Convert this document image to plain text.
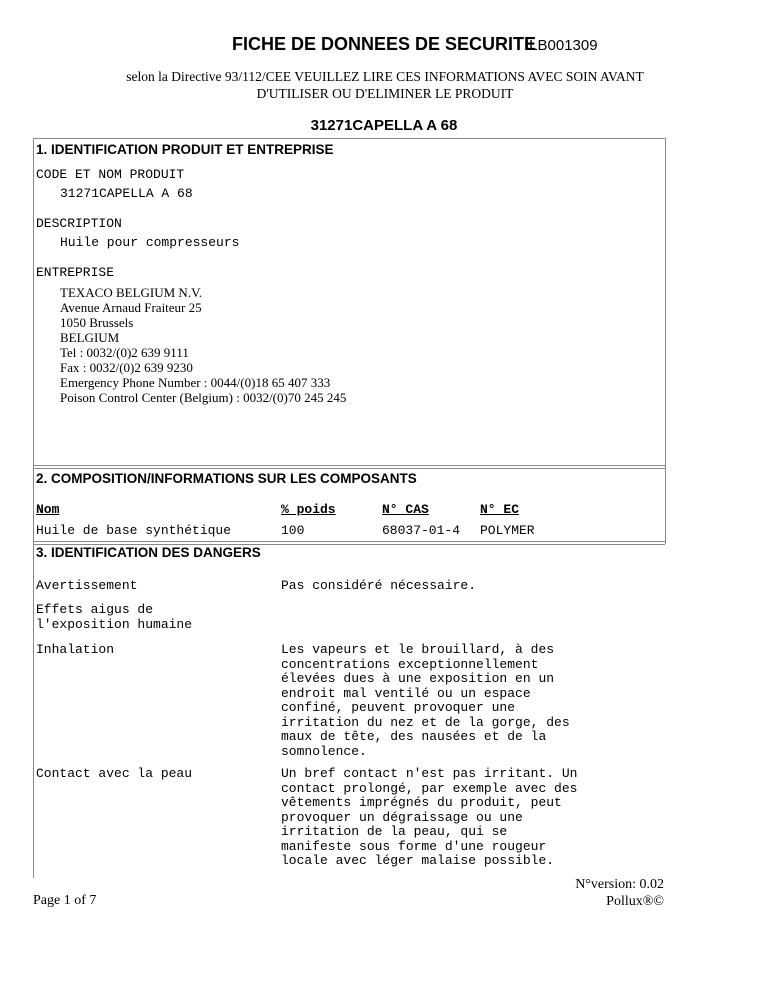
FICHE DE DONNEES DE SECURITE
ILB001309
selon la Directive 93/112/CEE VEUILLEZ LIRE CES INFORMATIONS AVEC SOIN AVANT
D'UTILISER OU D'ELIMINER LE PRODUIT
31271CAPELLA A 68
1. IDENTIFICATION PRODUIT ET ENTREPRISE
CODE ET NOM PRODUIT
31271CAPELLA A 68
DESCRIPTION
Huile pour compresseurs
ENTREPRISE
TEXACO BELGIUM N.V.
Avenue Arnaud Fraiteur 25
1050 Brussels
BELGIUM
Tel : 0032/(0)2 639 9111
Fax : 0032/(0)2 639 9230
Emergency Phone Number : 0044/(0)18 65 407 333
Poison Control Center (Belgium) : 0032/(0)70 245 245
2. COMPOSITION/INFORMATIONS SUR LES COMPOSANTS
Nom	% poids	N° CAS	N° EC
Huile de base synthétique	100	68037-01-4 POLYMER
3. IDENTIFICATION DES DANGERS
Avertissement	Pas considéré nécessaire.
Effets aigus de
l'exposition humaine
Inhalation	Les vapeurs et le brouillard, à des
concentrations exceptionnellement
élevées dues à une exposition en un
endroit mal ventilé ou un espace
confiné, peuvent provoquer une
irritation du nez et de la gorge, des
maux de tête, des nausées et de la
somnolence.
Contact avec la peau	Un bref contact n'est pas irritant. Un
contact prolongé, par exemple avec des
vêtements imprégnés du produit, peut
provoquer un dégraissage ou une
irritation de la peau, qui se
manifeste sous forme d'une rougeur
locale avec léger malaise possible.
Page 1 of 7
N°version: 0.02
Pollux®©
